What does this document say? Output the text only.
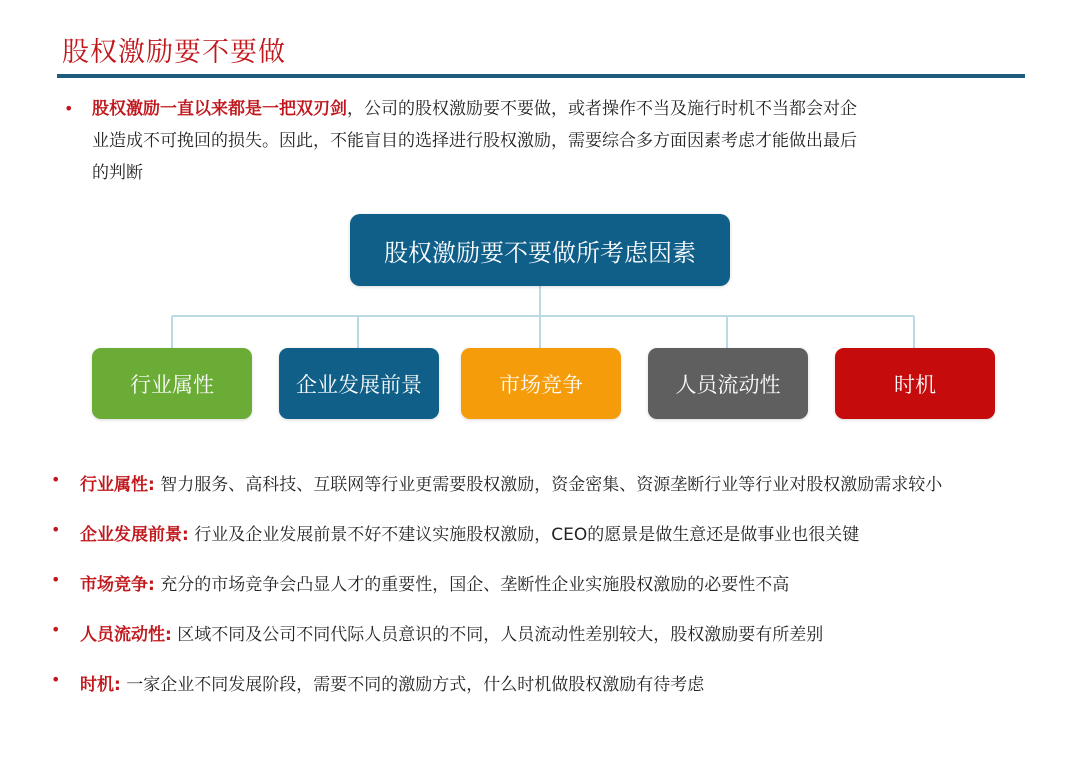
股权激励要不要做
• 股权激励一直以来都是一把双刃剑，公司的股权激励要不要做，或者操作不当及施行时机不当都会对企
业造成不可挽回的损失。因此，不能盲目的选择进行股权激励，需要综合多方面因素考虑才能做出最后
的判断
股权激励要不要做所考虑因素
行业属性	企业发展前景	市场竞争	人员流动性	时机
• 行业属性: 智力服务、高科技、互联网等行业更需要股权激励，资金密集、资源垄断行业等行业对股权激励需求较小
• 企业发展前景: 行业及企业发展前景不好不建议实施股权激励，CEO的愿景是做生意还是做事业也很关键
• 市场竞争: 充分的市场竞争会凸显人才的重要性，国企、垄断性企业实施股权激励的必要性不高
• 人员流动性: 区域不同及公司不同代际人员意识的不同，人员流动性差别较大，股权激励要有所差别
• 时机: 一家企业不同发展阶段，需要不同的激励方式，什么时机做股权激励有待考虑
